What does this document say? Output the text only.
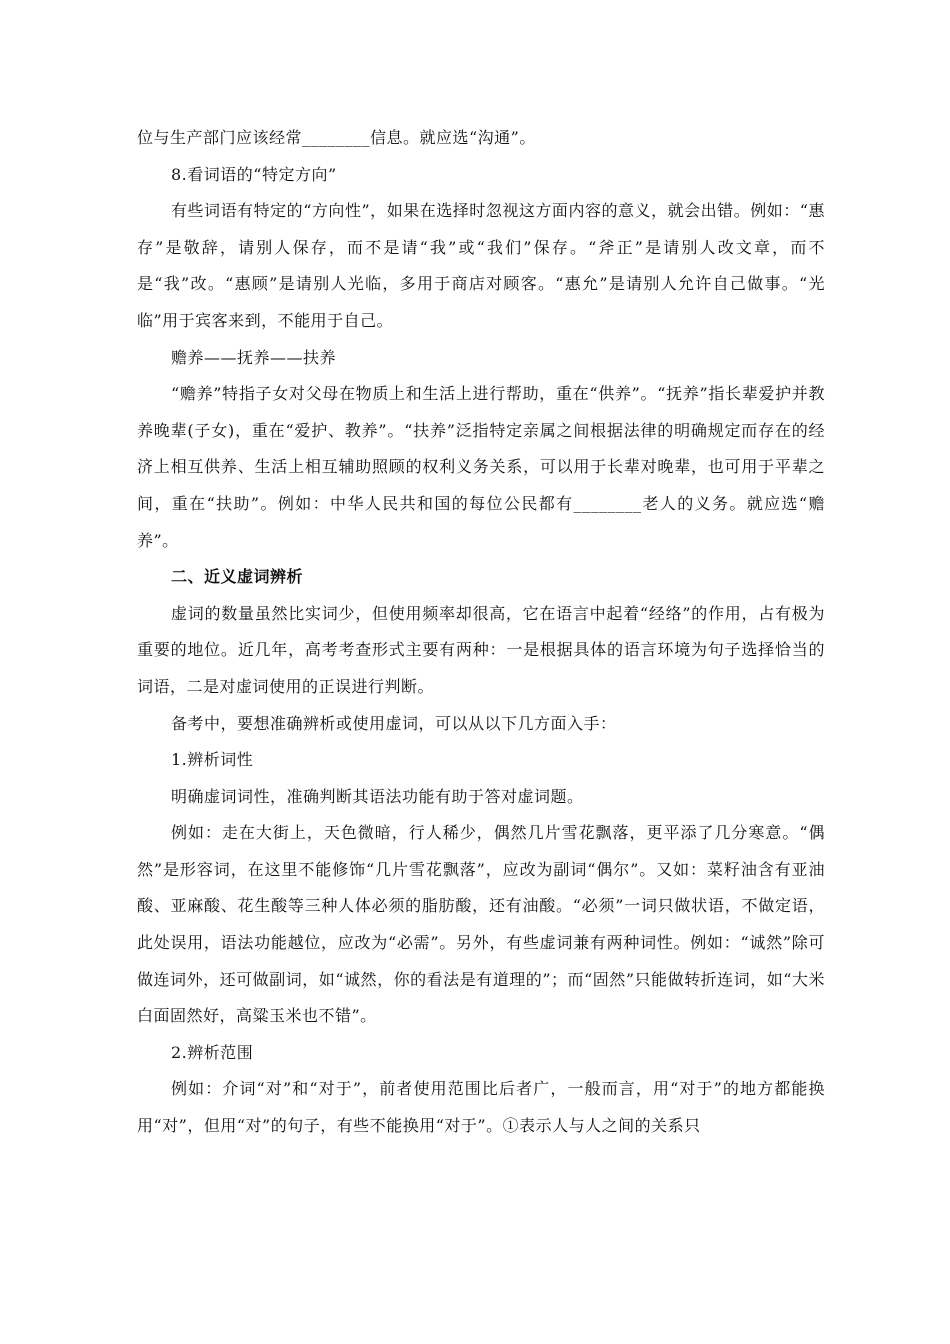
位与生产部门应该经常________信息。就应选“沟通”。

8.看词语的“特定方向”

有些词语有特定的“方向性”，如果在选择时忽视这方面内容的意义，就会出错。例如：“惠存”是敬辞，请别人保存，而不是请“我”或“我们”保存。“斧正”是请别人改文章，而不是“我”改。“惠顾”是请别人光临，多用于商店对顾客。“惠允”是请别人允许自己做事。“光临”用于宾客来到，不能用于自己。

赡养——抚养——扶养

“赡养”特指子女对父母在物质上和生活上进行帮助，重在“供养”。“抚养”指长辈爱护并教养晚辈(子女)，重在“爱护、教养”。“扶养”泛指特定亲属之间根据法律的明确规定而存在的经济上相互供养、生活上相互辅助照顾的权利义务关系，可以用于长辈对晚辈，也可用于平辈之间，重在“扶助”。例如：中华人民共和国的每位公民都有________老人的义务。就应选“赡养”。

二、近义虚词辨析

虚词的数量虽然比实词少，但使用频率却很高，它在语言中起着“经络”的作用，占有极为重要的地位。近几年，高考考查形式主要有两种：一是根据具体的语言环境为句子选择恰当的词语，二是对虚词使用的正误进行判断。

备考中，要想准确辨析或使用虚词，可以从以下几方面入手：

1.辨析词性

明确虚词词性，准确判断其语法功能有助于答对虚词题。

例如：走在大街上，天色微暗，行人稀少，偶然几片雪花飘落，更平添了几分寒意。“偶然”是形容词，在这里不能修饰“几片雪花飘落”，应改为副词“偶尔”。又如：菜籽油含有亚油酸、亚麻酸、花生酸等三种人体必须的脂肪酸，还有油酸。“必须”一词只做状语，不做定语，此处误用，语法功能越位，应改为“必需”。另外，有些虚词兼有两种词性。例如：“诚然”除可做连词外，还可做副词，如“诚然，你的看法是有道理的”；而“固然”只能做转折连词，如“大米白面固然好，高粱玉米也不错”。

2.辨析范围

例如：介词“对”和“对于”，前者使用范围比后者广，一般而言，用“对于”的地方都能换用“对”，但用“对”的句子，有些不能换用“对于”。①表示人与人之间的关系只
